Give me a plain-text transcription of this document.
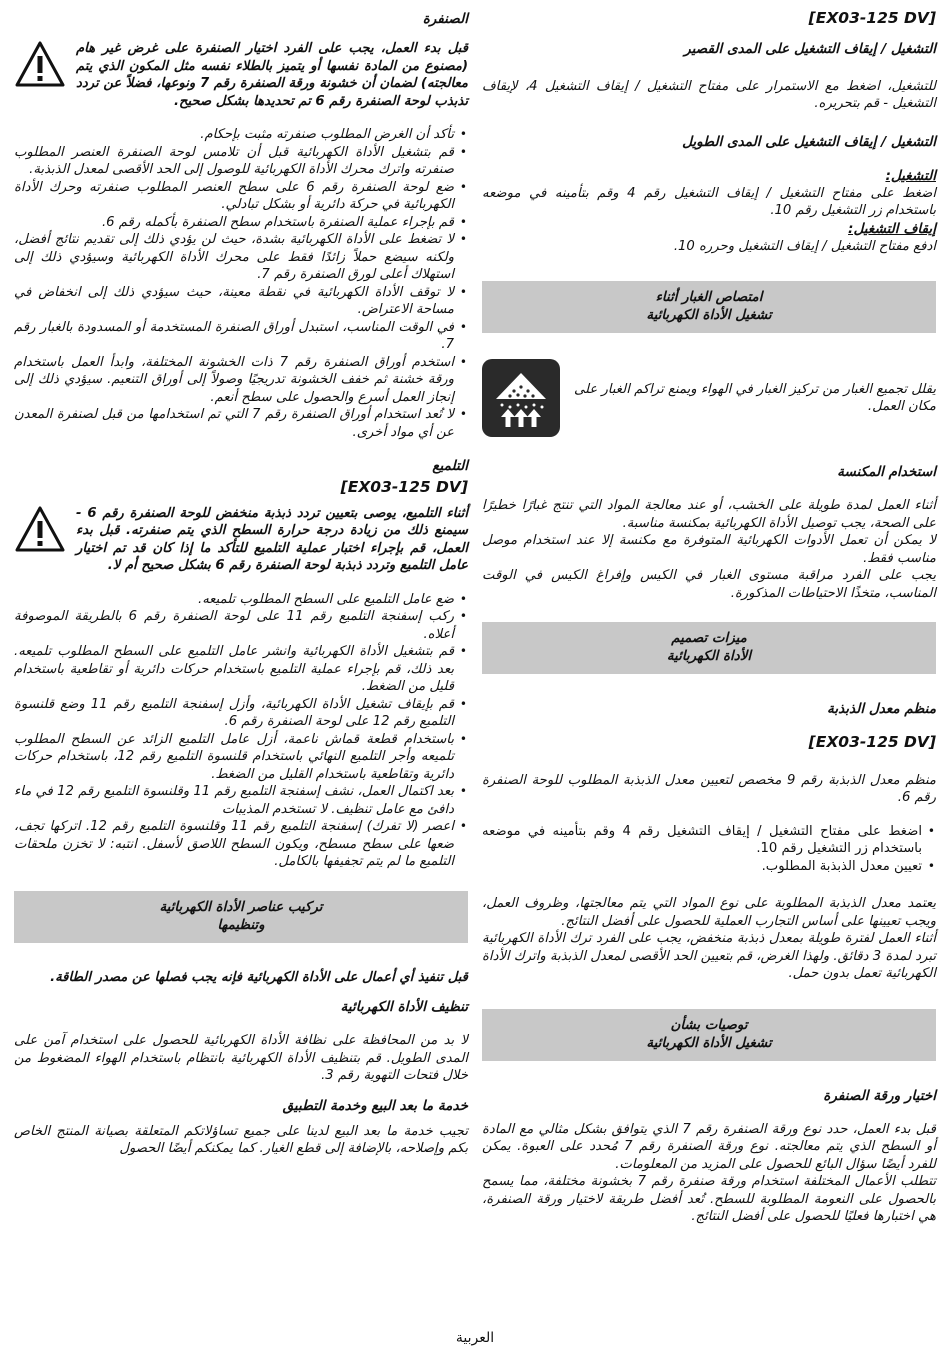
[EX03-125 DV]

التشغيل / إيقاف التشغيل على المدى القصير

للتشغيل، اضغط مع الاستمرار على مفتاح التشغيل / إيقاف التشغيل 4، لإيقاف التشغيل - قم بتحريره.

التشغيل / إيقاف التشغيل على المدى الطويل

التشغيل:

اضغط على مفتاح التشغيل / إيقاف التشغيل رقم 4 وقم بتأمينه في موضعه باستخدام زر التشغيل رقم 10.

إيقاف التشغيل:

ادفع مفتاح التشغيل / إيقاف التشغيل وحرره 10.

امتصاص الغبار أثناء
تشغيل الأداة الكهربائية

يقلل تجميع الغبار من تركيز الغبار في الهواء ويمنع تراكم الغبار على مكان العمل.

استخدام المكنسة

أثناء العمل لمدة طويلة على الخشب، أو عند معالجة المواد التي تنتج غبارًا خطيرًا على الصحة، يجب توصيل الأداة الكهربائية بمكنسة مناسبة.

لا يمكن أن تعمل الأدوات الكهربائية المتوفرة مع مكنسة إلا عند استخدام موصل مناسب فقط.

يجب على الفرد مراقبة مستوى الغبار في الكيس وإفراغ الكيس في الوقت المناسب، متخذًا الاحتياطات المذكورة.

ميزات تصميم
الأداة الكهربائية

منظم معدل الذبذبة

[EX03-125 DV]

منظم معدل الذبذبة رقم 9 مخصص لتعيين معدل الذبذبة المطلوب للوحة الصنفرة رقم 6.

• اضغط على مفتاح التشغيل / إيقاف التشغيل رقم 4 وقم بتأمينه في موضعه باستخدام زر التشغيل رقم 10.
• تعيين معدل الذبذبة المطلوب.

يعتمد معدل الذبذبة المطلوبة على نوع المواد التي يتم معالجتها، وظروف العمل، ويجب تعيينها على أساس التجارب العملية للحصول على أفضل النتائج.

أثناء العمل لفترة طويلة بمعدل ذبذبة منخفض، يجب على الفرد ترك الأداة الكهربائية تبرد لمدة 3 دقائق. ولهذا الغرض، قم بتعيين الحد الأقصى لمعدل الذبذبة واترك الأداة الكهربائية تعمل بدون حمل.

توصيات بشأن
تشغيل الأداة الكهربائية

اختيار ورقة الصنفرة

قبل بدء العمل، حدد نوع ورقة الصنفرة رقم 7 الذي يتوافق بشكل مثالي مع المادة أو السطح الذي يتم معالجته. نوع ورقة الصنفرة رقم 7 مُحدد على العبوة. يمكن للفرد أيضًا سؤال البائع للحصول على المزيد من المعلومات.

تتطلب الأعمال المختلفة استخدام ورقة صنفرة رقم 7 بخشونة مختلفة، مما يسمح بالحصول على النعومة المطلوبة للسطح. تُعد أفضل طريقة لاختيار ورقة الصنفرة، هي اختبارها فعليًا للحصول على أفضل النتائج.

الصنفرة

قبل بدء العمل، يجب على الفرد اختيار الصنفرة على غرض غير هام (مصنوع من المادة نفسها أو يتميز بالطلاء نفسه مثل المكون الذي يتم معالجته) لضمان أن خشونة ورقة الصنفرة رقم 7 ونوعها، فضلاً عن تردد تذبذب لوحة الصنفرة رقم 6 تم تحديدها بشكل صحيح.

• تأكد أن الغرض المطلوب صنفرته مثبت بإحكام.
• قم بتشغيل الأداة الكهربائية قبل أن تلامس لوحة الصنفرة العنصر المطلوب صنفرته واترك محرك الأداة الكهربائية للوصول إلى الحد الأقصى لمعدل الذبذبة.
• ضع لوحة الصنفرة رقم 6 على سطح العنصر المطلوب صنفرته وحرك الأداة الكهربائية في حركة دائرية أو بشكل تبادلي.
• قم بإجراء عملية الصنفرة باستخدام سطح الصنفرة بأكمله رقم 6.
• لا تضغط على الأداة الكهربائية بشدة، حيث لن يؤدي ذلك إلى تقديم نتائج أفضل، ولكنه سيضع حملاً زائدًا فقط على محرك الأداة الكهربائية وسيؤدي ذلك إلى استهلاك أعلى لورق الصنفرة رقم 7.
• لا توقف الأداة الكهربائية في نقطة معينة، حيث سيؤدي ذلك إلى انخفاض في مساحة الاعتراض.
• في الوقت المناسب، استبدل أوراق الصنفرة المستخدمة أو المسدودة بالغبار رقم 7.
• استخدم أوراق الصنفرة رقم 7 ذات الخشونة المختلفة، وابدأ العمل باستخدام ورقة خشنة ثم خفف الخشونة تدريجيًا وصولاً إلى أوراق التنعيم. سيؤدي ذلك إلى إنجاز العمل أسرع والحصول على سطح أنعم.
• لا تُعد استخدام أوراق الصنفرة رقم 7 التي تم استخدامها من قبل لصنفرة المعدن عن أي مواد أخرى.

التلميع

[EX03-125 DV]

أثناء التلميع، يوصى بتعيين تردد ذبذبة منخفض للوحة الصنفرة رقم 6 - سيمنع ذلك من زيادة درجة حرارة السطح الذي يتم صنفرته. قبل بدء العمل، قم بإجراء اختبار عملية التلميع للتأكد ما إذا كان قد تم اختيار عامل التلميع وتردد ذبذبة لوحة الصنفرة رقم 6 بشكل صحيح أم لا.

• ضع عامل التلميع على السطح المطلوب تلميعه.
• ركب إسفنجة التلميع رقم 11 على لوحة الصنفرة رقم 6 بالطريقة الموصوفة أعلاه.
• قم بتشغيل الأداة الكهربائية وانشر عامل التلميع على السطح المطلوب تلميعه. بعد ذلك، قم بإجراء عملية التلميع باستخدام حركات دائرية أو تقاطعية باستخدام قليل من الضغط.
• قم بإيقاف تشغيل الأداة الكهربائية، وأزل إسفنجة التلميع رقم 11 وضع قلنسوة التلميع رقم 12 على لوحة الصنفرة رقم 6.
• باستخدام قطعة قماش ناعمة، أزل عامل التلميع الزائد عن السطح المطلوب تلميعه وأجر التلميع النهائي باستخدام قلنسوة التلميع رقم 12، باستخدام حركات دائرية وتقاطعية باستخدام القليل من الضغط.
• بعد اكتمال العمل، نشف إسفنجة التلميع رقم 11 وقلنسوة التلميع رقم 12 في ماء دافئ مع عامل تنظيف. لا تستخدم المذيبات
• اعصر (لا تفرك) إسفنجة التلميع رقم 11 وقلنسوة التلميع رقم 12. اتركها تجف، ضعها على سطح مسطح، ويكون السطح اللاصق لأسفل. انتبه: لا تخزن ملحقات التلميع ما لم يتم تجفيفها بالكامل.
تركيب عناصر الأداة الكهربائية
وتنظيمها

قبل تنفيذ أي أعمال على الأداة الكهربائية فإنه يجب فصلها عن مصدر الطاقة.

تنظيف الأداة الكهربائية

لا بد من المحافظة على نظافة الأداة الكهربائية للحصول على استخدام آمن على المدى الطويل. قم بتنظيف الأداة الكهربائية بانتظام باستخدام الهواء المضغوط من خلال فتحات التهوية رقم 3.

خدمة ما بعد البيع وخدمة التطبيق

تجيب خدمة ما بعد البيع لدينا على جميع تساؤلاتكم المتعلقة بصيانة المنتج الخاص بكم وإصلاحه، بالإضافة إلى قطع الغيار. كما يمكنكم أيضًا الحصول

العربية
